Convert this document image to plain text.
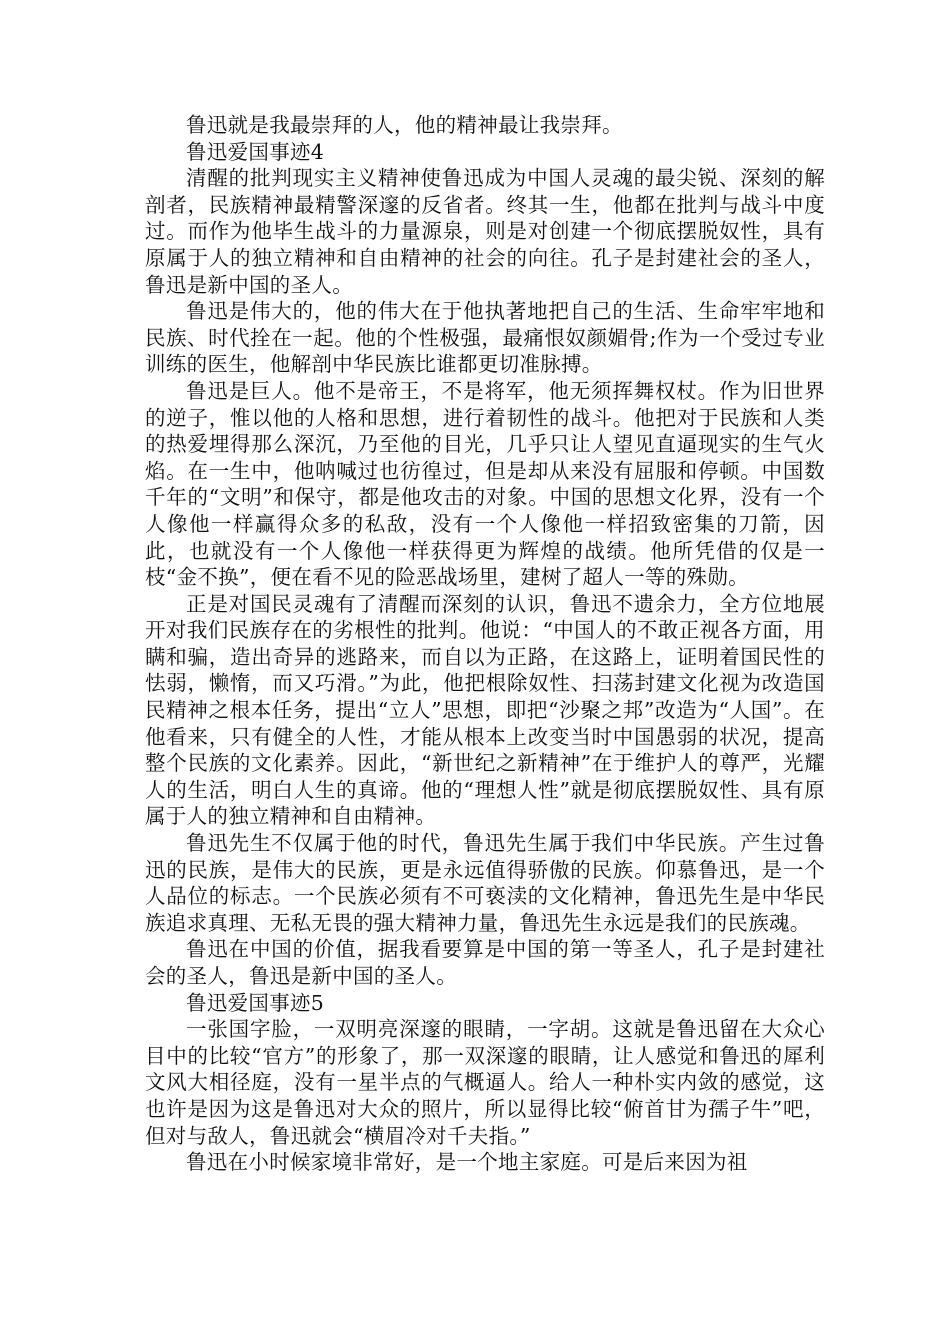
鲁迅就是我最崇拜的人，他的精神最让我崇拜。

鲁迅爱国事迹4

清醒的批判现实主义精神使鲁迅成为中国人灵魂的最尖锐、深刻的解剖者，民族精神最精警深邃的反省者。终其一生，他都在批判与战斗中度过。而作为他毕生战斗的力量源泉，则是对创建一个彻底摆脱奴性，具有原属于人的独立精神和自由精神的社会的向往。孔子是封建社会的圣人，鲁迅是新中国的圣人。

鲁迅是伟大的，他的伟大在于他执著地把自己的生活、生命牢牢地和民族、时代拴在一起。他的个性极强，最痛恨奴颜媚骨;作为一个受过专业训练的医生，他解剖中华民族比谁都更切准脉搏。

鲁迅是巨人。他不是帝王，不是将军，他无须挥舞权杖。作为旧世界的逆子，惟以他的人格和思想，进行着韧性的战斗。他把对于民族和人类的热爱埋得那么深沉，乃至他的目光，几乎只让人望见直逼现实的生气火焰。在一生中，他呐喊过也彷徨过，但是却从来没有屈服和停顿。中国数千年的“文明”和保守，都是他攻击的对象。中国的思想文化界，没有一个人像他一样赢得众多的私敌，没有一个人像他一样招致密集的刀箭，因此，也就没有一个人像他一样获得更为辉煌的战绩。他所凭借的仅是一枝“金不换”，便在看不见的险恶战场里，建树了超人一等的殊勋。

正是对国民灵魂有了清醒而深刻的认识，鲁迅不遗余力，全方位地展开对我们民族存在的劣根性的批判。他说：“中国人的不敢正视各方面，用瞒和骗，造出奇异的逃路来，而自以为正路，在这路上，证明着国民性的怯弱，懒惰，而又巧滑。”为此，他把根除奴性、扫荡封建文化视为改造国民精神之根本任务，提出“立人”思想，即把“沙聚之邦”改造为“人国”。在他看来，只有健全的人性，才能从根本上改变当时中国愚弱的状况，提高整个民族的文化素养。因此，“新世纪之新精神”在于维护人的尊严，光耀人的生活，明白人生的真谛。他的“理想人性”就是彻底摆脱奴性、具有原属于人的独立精神和自由精神。

鲁迅先生不仅属于他的时代，鲁迅先生属于我们中华民族。产生过鲁迅的民族，是伟大的民族，更是永远值得骄傲的民族。仰慕鲁迅，是一个人品位的标志。一个民族必须有不可亵渎的文化精神，鲁迅先生是中华民族追求真理、无私无畏的强大精神力量，鲁迅先生永远是我们的民族魂。

鲁迅在中国的价值，据我看要算是中国的第一等圣人，孔子是封建社会的圣人，鲁迅是新中国的圣人。

鲁迅爱国事迹5

一张国字脸，一双明亮深邃的眼睛，一字胡。这就是鲁迅留在大众心目中的比较“官方”的形象了，那一双深邃的眼睛，让人感觉和鲁迅的犀利文风大相径庭，没有一星半点的气概逼人。给人一种朴实内敛的感觉，这也许是因为这是鲁迅对大众的照片，所以显得比较“俯首甘为孺子牛”吧，但对与敌人，鲁迅就会“横眉冷对千夫指。”

鲁迅在小时候家境非常好，是一个地主家庭。可是后来因为祖
